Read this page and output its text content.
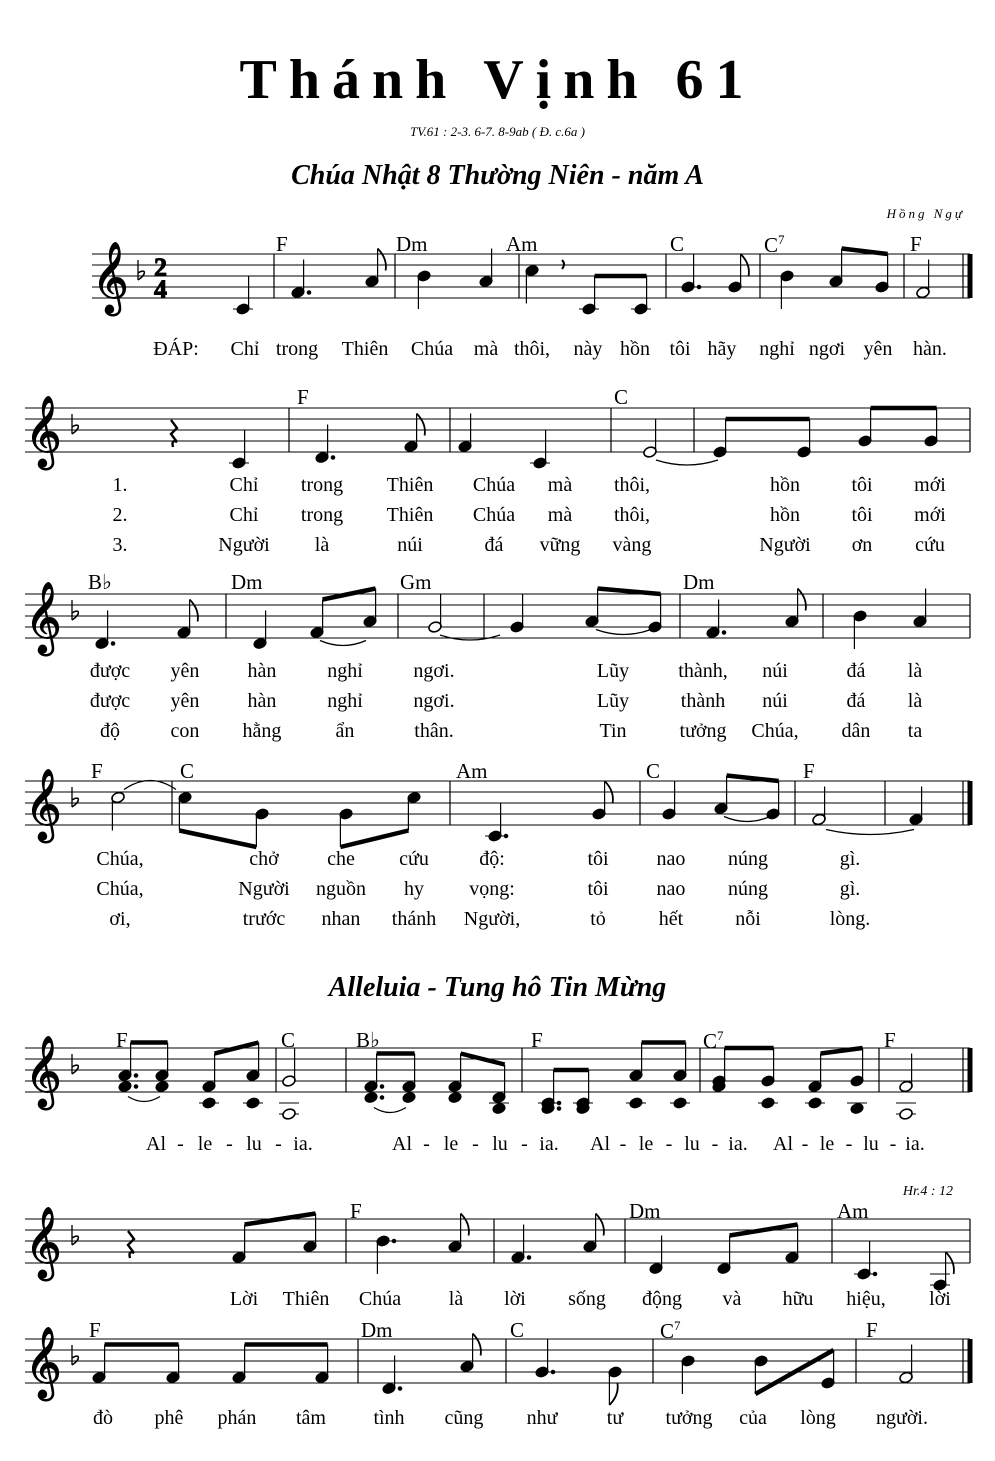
Thánh Vịnh 61
TV.61 : 2-3. 6-7. 8-9ab ( Đ. c.6a )
Chúa Nhật 8 Thường Niên - năm A
Hồng Ngự
Alleluia - Tung hô Tin Mừng
Hr.4 : 12
𝄞 2
4
𝄞
𝄞
𝄞
𝄞
𝄞
𝄞
F	Dm	Am	C	$C^7$	F
F	C
B♭	Dm	Gm	Dm
F	C	Am	C	F
F	C	B♭	F	$C^7$	F
F	Dm	Am
F	Dm	C	$C^7$	F
ĐÁP: Chỉ trong Thiên Chúa mà thôi, này hồn tôi hãy nghỉ ngơi yên hàn.
1.	Chỉ trong Thiên Chúa mà thôi,	hồn	tôi mới
2.	Chỉ trong Thiên Chúa mà thôi,	hồn	tôi mới
3.	Người là	núi	đá vững vàng	Người ơn cứu
được yên hàn	nghỉ	ngơi.	Lũy thành, núi	đá là
được yên hàn	nghỉ	ngơi.	Lũy	thành núi	đá là
độ	con hằng	ẩn	thân.	Tin	tưởng Chúa, dân ta
Chúa,	chở che cứu	độ:	tôi nao núng	gì.
Chúa,	Người nguồn hy vọng:	tôi nao núng	gì.
ơi,	trước nhan thánh Người,	tỏ	hết	nỗi	lòng.
Al - le - lu - ia.	Al - le - lu - ia. Al - le - lu - ia. Al - le - lu - ia.
Lời Thiên Chúa là lời sống động và hữu hiệu, lời
đò phê phán tâm tình cũng như tư tưởng của lòng người.
